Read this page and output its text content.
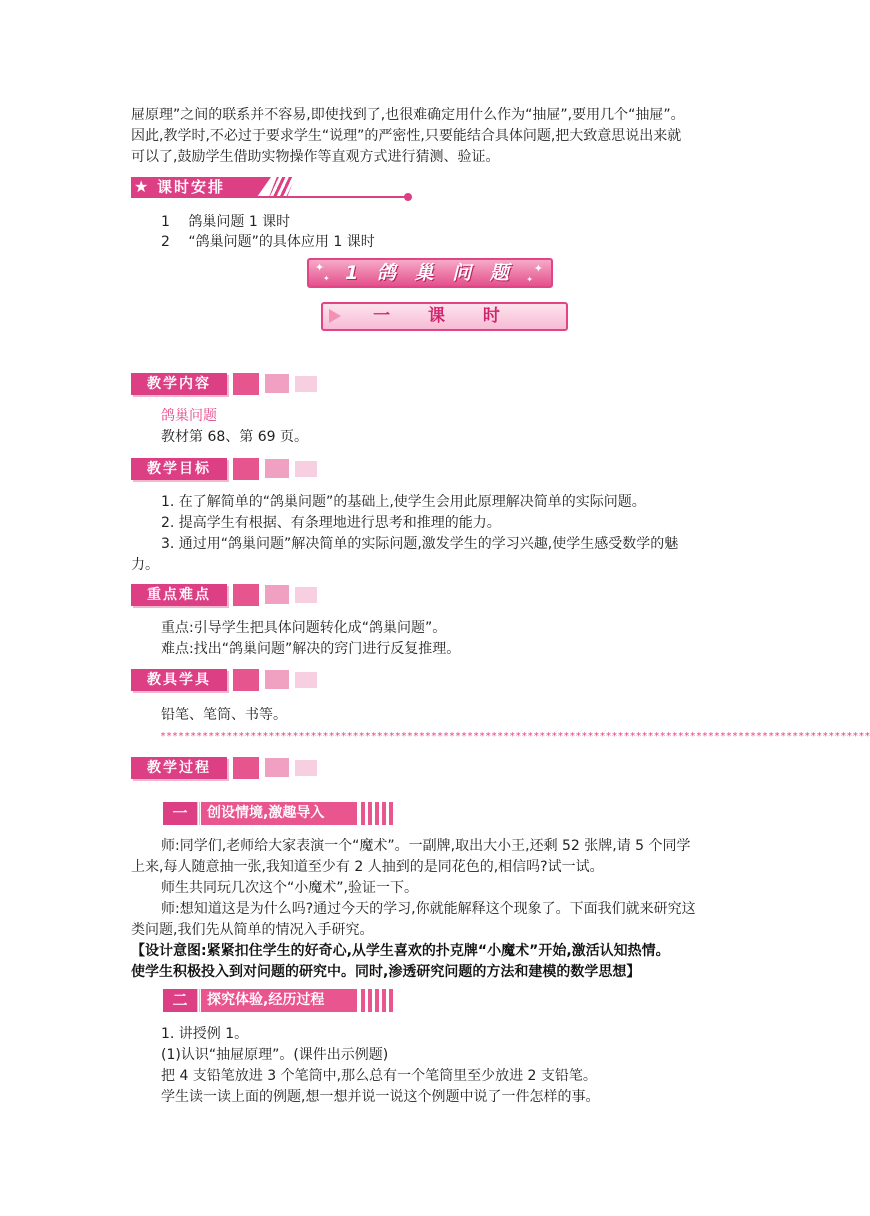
屉原理”之间的联系并不容易,即使找到了,也很难确定用什么作为“抽屉”,要用几个“抽屉”。
因此,教学时,不必过于要求学生“说理”的严密性,只要能结合具体问题,把大致意思说出来就
可以了,鼓励学生借助实物操作等直观方式进行猜测、验证。
★ 课时安排
1 鸽巢问题 1 课时
2 “鸽巢问题”的具体应用 1 课时
✦
✦
✦
✦
1 鸽 巢 问 题
一 课 时
教学内容
鸽巢问题
教材第 68、第 69 页。
教学目标
1. 在了解简单的“鸽巢问题”的基础上,使学生会用此原理解决简单的实际问题。
2. 提高学生有根据、有条理地进行思考和推理的能力。
3. 通过用“鸽巢问题”解决简单的实际问题,激发学生的学习兴趣,使学生感受数学的魅
力。
重点难点
重点:引导学生把具体问题转化成“鸽巢问题”。
难点:找出“鸽巢问题”解决的窍门进行反复推理。
教具学具
铅笔、笔筒、书等。
**********************************************************************************************************************
教学过程
一	创设情境,激趣导入
师:同学们,老师给大家表演一个“魔术”。一副牌,取出大小王,还剩 52 张牌,请 5 个同学
上来,每人随意抽一张,我知道至少有 2 人抽到的是同花色的,相信吗?试一试。
师生共同玩几次这个“小魔术”,验证一下。
师:想知道这是为什么吗?通过今天的学习,你就能解释这个现象了。下面我们就来研究这
类问题,我们先从简单的情况入手研究。
【设计意图:紧紧扣住学生的好奇心,从学生喜欢的扑克牌“小魔术”开始,激活认知热情。
使学生积极投入到对问题的研究中。同时,渗透研究问题的方法和建模的数学思想】
二	探究体验,经历过程
1. 讲授例 1。
(1)认识“抽屉原理”。(课件出示例题)
把 4 支铅笔放进 3 个笔筒中,那么总有一个笔筒里至少放进 2 支铅笔。
学生读一读上面的例题,想一想并说一说这个例题中说了一件怎样的事。
